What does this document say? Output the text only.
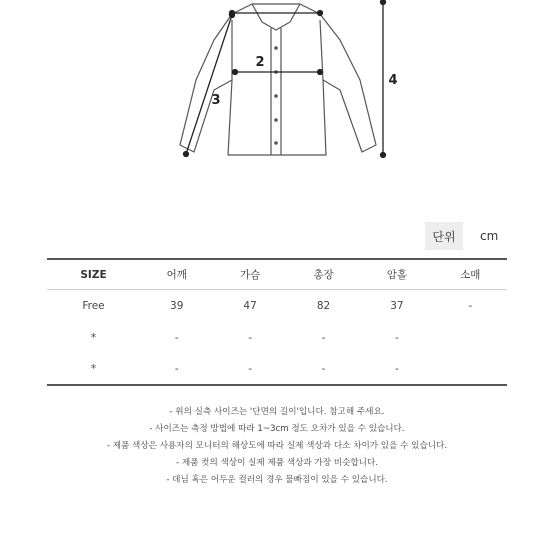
2
3
4
단위	cm
SIZE	어깨	가슴	총장	암홀	소매
Free	39	47	82	37	-
*	-	-	-	-	
*	-	-	-	-	
- 위의 실측 사이즈는 '단면의 길이'입니다. 참고해 주세요.
- 사이즈는 측정 방법에 따라 1~3cm 정도 오차가 있을 수 있습니다.
- 제품 색상은 사용자의 모니터의 해상도에 따라 실제 색상과 다소 차이가 있을 수 있습니다.
- 제품 컷의 색상이 실제 제품 색상과 가장 비슷합니다.
- 데님 혹은 어두운 컬러의 경우 물빠짐이 있을 수 있습니다.
